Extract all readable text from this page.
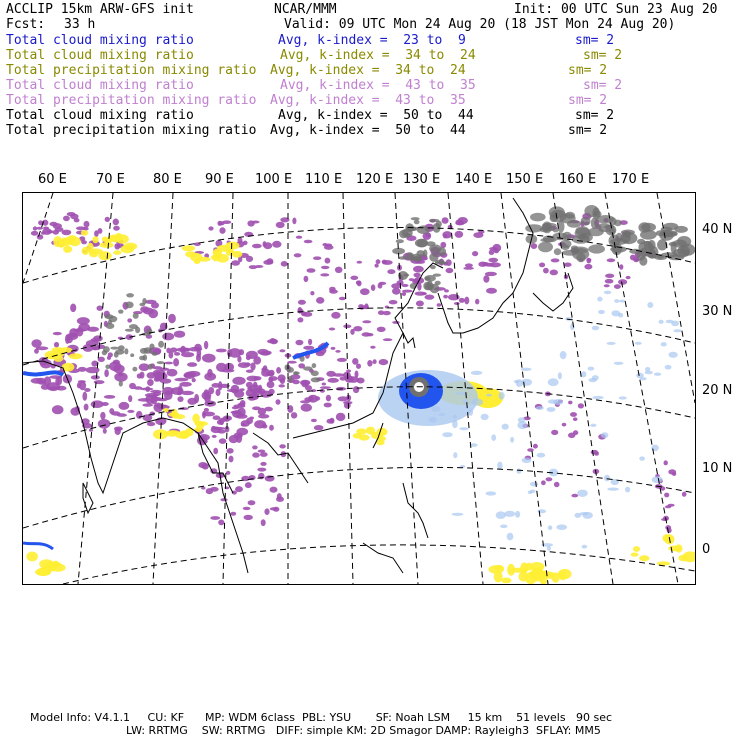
ACCLIP 15km ARW-GFS init	NCAR/MMM	Init: 00 UTC Sun 23 Aug 20
Fcst: 33 h	Valid: 09 UTC Mon 24 Aug 20 (18 JST Mon 24 Aug 20)
Total cloud mixing ratio	Avg, k-index =  23 to  9	sm= 2
Total cloud mixing ratio	Avg, k-index =  34 to  24	sm= 2
Total precipitation mixing ratio Avg, k-index =  34 to  24	sm= 2
Total cloud mixing ratio	Avg, k-index =  43 to  35	sm= 2
Total precipitation mixing ratio Avg, k-index =  43 to  35	sm= 2
Total cloud mixing ratio	Avg, k-index =  50 to  44	sm= 2
Total precipitation mixing ratio Avg, k-index =  50 to  44	sm= 2
60 E 70 E 80 E 90 E 100 E 110 E 120 E 130 E 140 E 150 E 160 E 170 E
40 N
30 N
20 N
10 N
0
Model Info: V4.1.1     CU: KF      MP: WDM 6class  PBL: YSU       SF: Noah LSM     15 km    51 levels   90 sec
LW: RRTMG    SW: RRTMG   DIFF: simple KM: 2D Smagor DAMP: Rayleigh3  SFLAY: MM5
